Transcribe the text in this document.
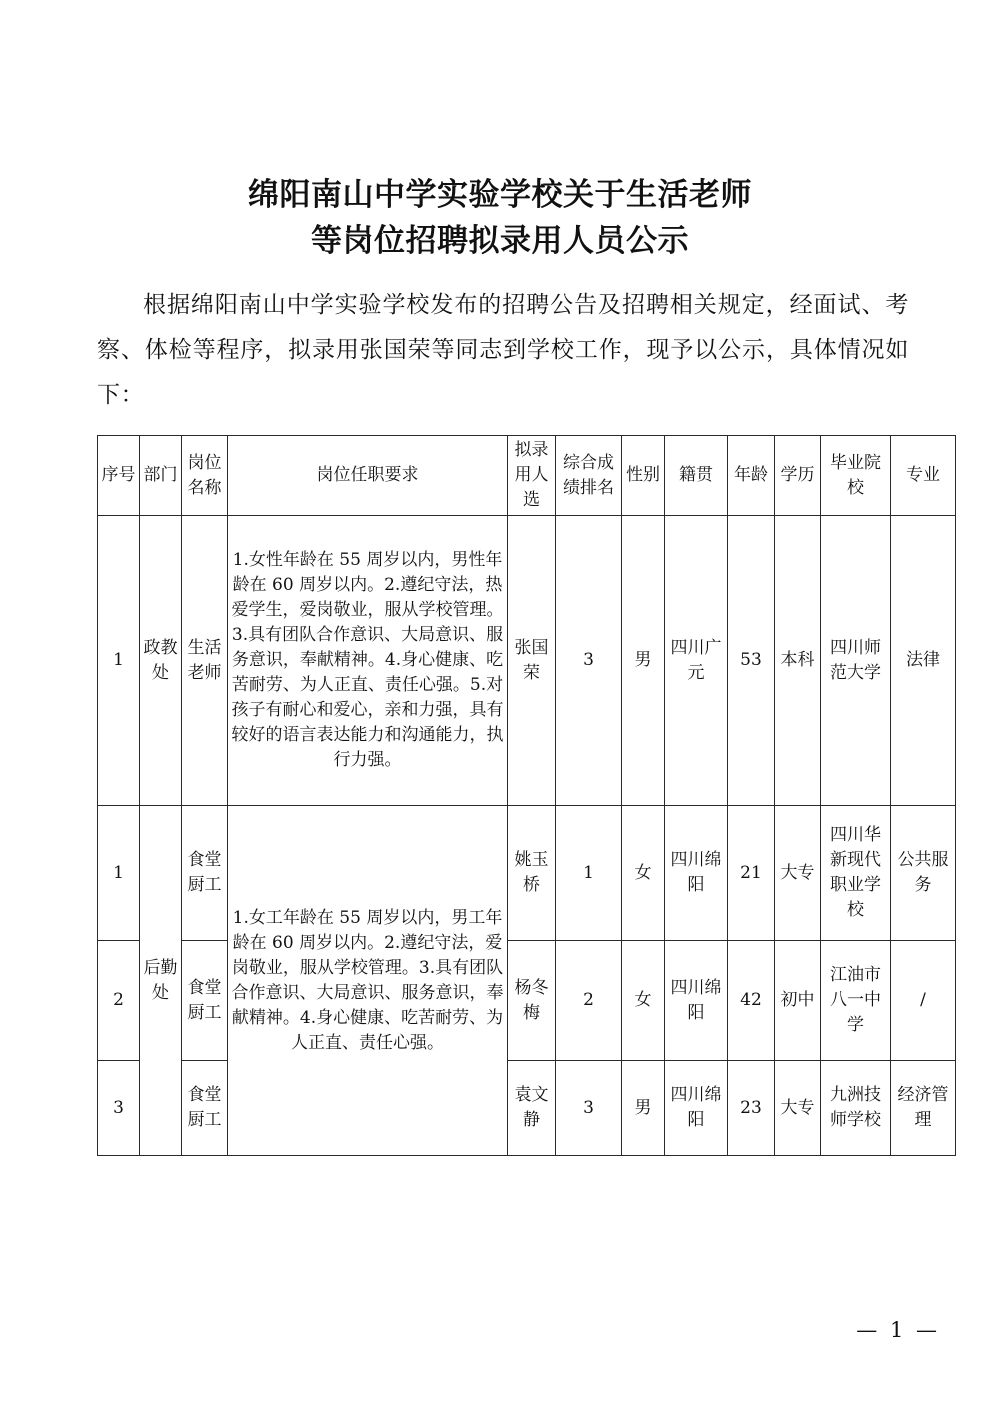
绵阳南山中学实验学校关于生活老师
等岗位招聘拟录用人员公示
根据绵阳南山中学实验学校发布的招聘公告及招聘相关规定，经面试、考察、体检等程序，拟录用张国荣等同志到学校工作，现予以公示，具体情况如下：
序号	部门	岗位名称	岗位任职要求	拟录用人选	综合成绩排名	性别	籍贯	年龄	学历	毕业院校	专业
1	政教处	生活老师	1.女性年龄在 55 周岁以内，男性年龄在 60 周岁以内。2.遵纪守法，热爱学生，爱岗敬业，服从学校管理。3.具有团队合作意识、大局意识、服务意识，奉献精神。4.身心健康、吃苦耐劳、为人正直、责任心强。5.对孩子有耐心和爱心，亲和力强，具有较好的语言表达能力和沟通能力，执行力强。	张国荣	3	男	四川广元	53	本科	四川师范大学	法律
1	后勤处	食堂厨工	1.女工年龄在 55 周岁以内，男工年龄在 60 周岁以内。2.遵纪守法，爱岗敬业，服从学校管理。3.具有团队合作意识、大局意识、服务意识，奉献精神。4.身心健康、吃苦耐劳、为人正直、责任心强。	姚玉桥	1	女	四川绵阳	21	大专	四川华新现代职业学校	公共服务
2		食堂厨工		杨冬梅	2	女	四川绵阳	42	初中	江油市八一中学	/
3		食堂厨工		袁文静	3	男	四川绵阳	23	大专	九洲技师学校	经济管理
— 1 —
